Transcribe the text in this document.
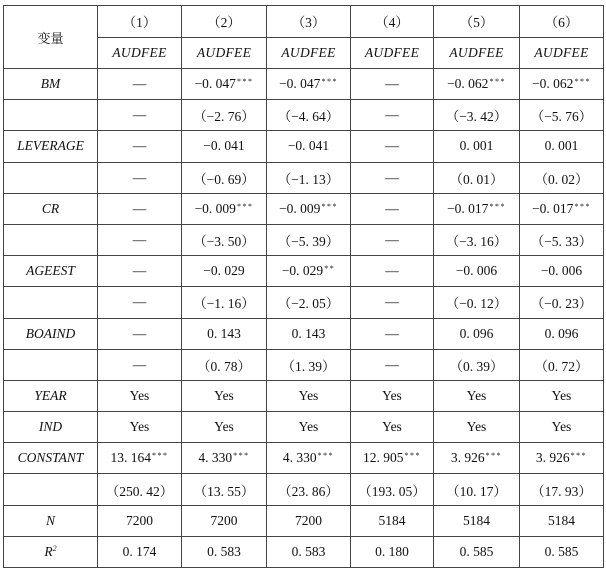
变量	（1）	（2）	（3）	（4）	（5）	（6）
	AUDFEE	AUDFEE	AUDFEE	AUDFEE	AUDFEE	AUDFEE
BM	—	−0. 047***	−0. 047***	—	−0. 062***	−0. 062***
	—	（−2. 76）	（−4. 64）	—	（−3. 42）	（−5. 76）
LEVERAGE	—	−0. 041	−0. 041	—	0. 001	0. 001
	—	（−0. 69）	（−1. 13）	—	（0. 01）	（0. 02）
CR	—	−0. 009***	−0. 009***	—	−0. 017***	−0. 017***
	—	（−3. 50）	（−5. 39）	—	（−3. 16）	（−5. 33）
AGEEST	—	−0. 029	−0. 029**	—	−0. 006	−0. 006
	—	（−1. 16）	（−2. 05）	—	（−0. 12）	（−0. 23）
BOAIND	—	0. 143	0. 143	—	0. 096	0. 096
	—	（0. 78）	（1. 39）	—	（0. 39）	（0. 72）
YEAR	Yes	Yes	Yes	Yes	Yes	Yes
IND	Yes	Yes	Yes	Yes	Yes	Yes
CONSTANT	13. 164***	4. 330***	4. 330***	12. 905***	3. 926***	3. 926***
	（250. 42）	（13. 55）	（23. 86）	（193. 05）	（10. 17）	（17. 93）
N	7200	7200	7200	5184	5184	5184
$R^2$	0. 174	0. 583	0. 583	0. 180	0. 585	0. 585
